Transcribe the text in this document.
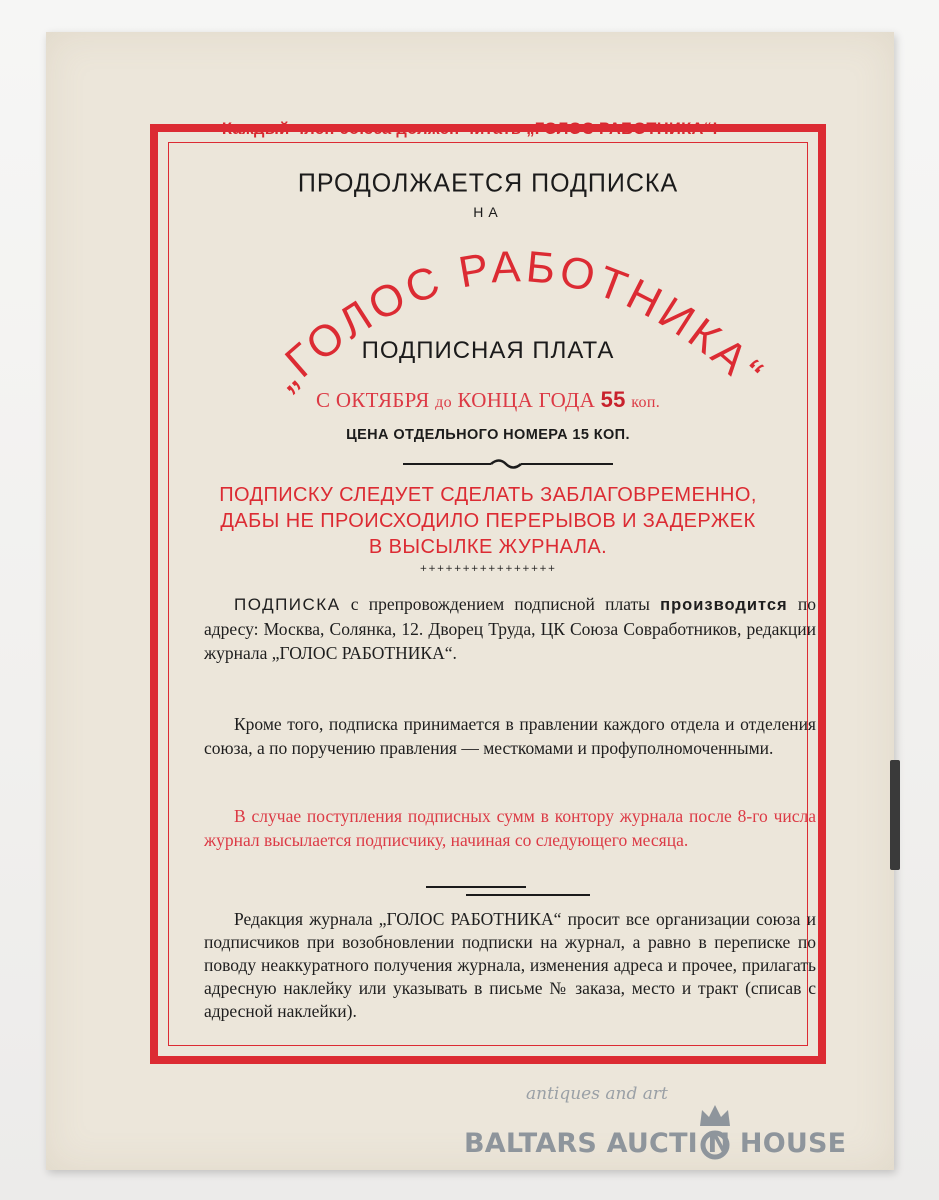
Каждый член союза должен читать „ГОЛОС РАБОТНИКА“!
ПРОДОЛЖАЕТСЯ ПОДПИСКА
НА
„ГОЛОС РАБОТНИКА“
ПОДПИСНАЯ ПЛАТА
С ОКТЯБРЯ до КОНЦА ГОДА 55 коп.
ЦЕНА ОТДЕЛЬНОГО НОМЕРА 15 КОП.
ПОДПИСКУ СЛЕДУЕТ СДЕЛАТЬ ЗАБЛАГОВРЕМЕННО,
ДАБЫ НЕ ПРОИСХОДИЛО ПЕРЕРЫВОВ И ЗАДЕРЖЕК
В ВЫСЫЛКЕ ЖУРНАЛА.
++++++++++++++++
ПОДПИСКА с препровождением подписной платы производится по адресу: Москва, Солянка, 12. Дворец Труда, ЦК Союза Совработников, редакции журнала „ГОЛОС РАБОТНИКА“.
Кроме того, подписка принимается в правлении каждого отдела и отделения союза, а по поручению правления — месткомами и профуполномоченными.
В случае поступления подписных сумм в контору журнала после 8-го числа журнал высылается подписчику, начиная со следующего месяца.
Редакция журнала „ГОЛОС РАБОТНИКА“ просит все организации союза и подписчиков при возобновлении подписки на журнал, а равно в переписке по поводу неаккуратного получения журнала, изменения адреса и прочее, прилагать адресную наклейку или указывать в письме № заказа, место и тракт (списав с адресной наклейки).
antiques and art
BALTARS AUCTI N HOUSE
